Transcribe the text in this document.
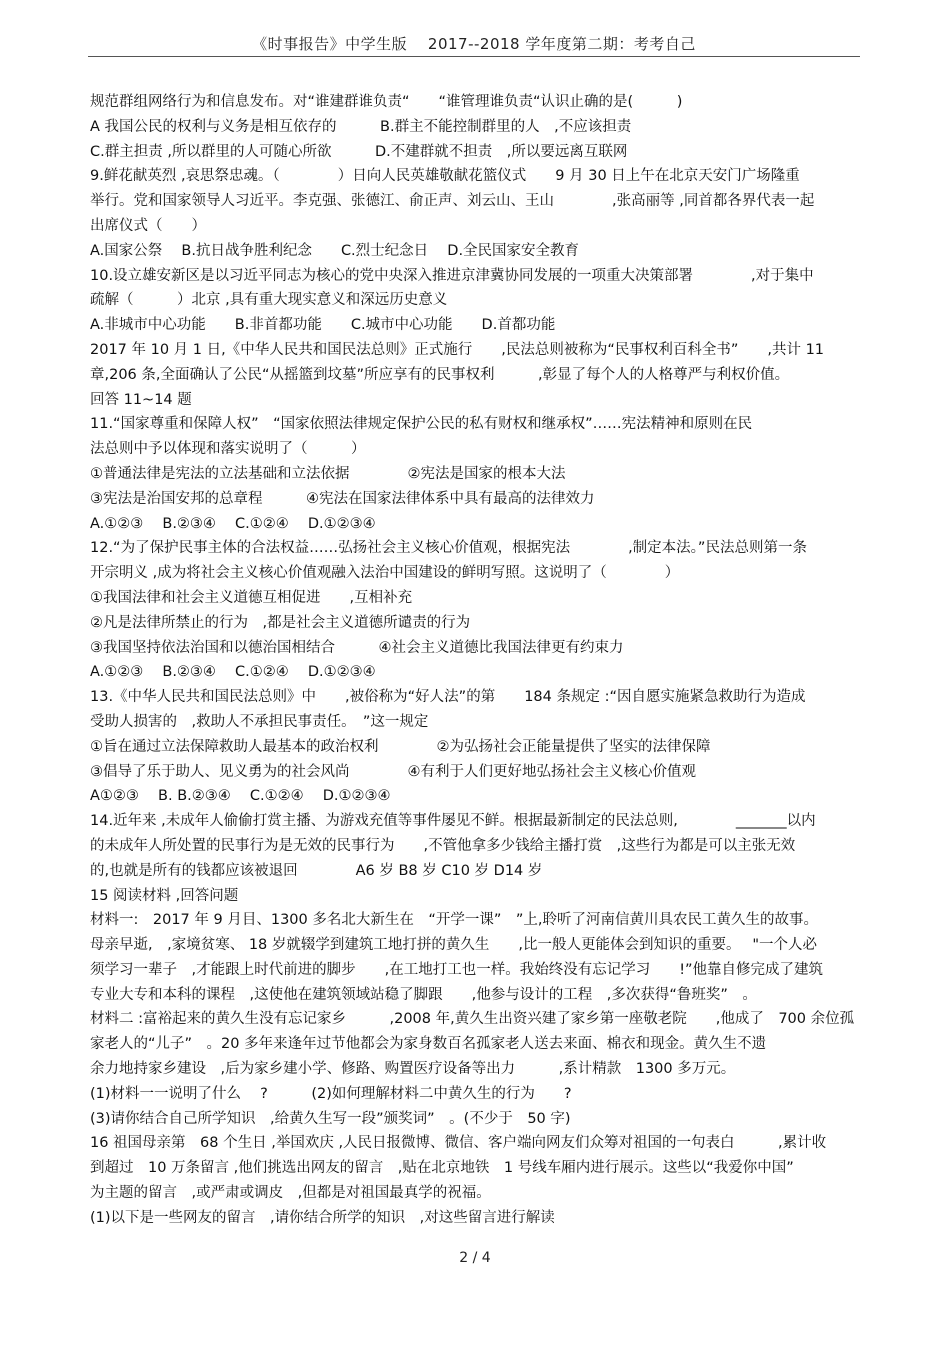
《时事报告》中学生版　 2017--2018 学年度第二期：考考自己
规范群组网络行为和信息发布。对“谁建群谁负责“　　“谁管理谁负责“认识止确的是(　　　)
A 我国公民的权利与义务是相互依存的　　　B.群主不能控制群里的人　,不应该担责
C.群主担责 ,所以群里的人可随心所欲　　　D.不建群就不担责　,所以要远离互联网
9.鲜花献英烈 ,哀思祭忠魂。（　　　　）日向人民英雄敬献花篮仪式　　9 月 30 日上午在北京天安门广场隆重
举行。党和国家领导人习近平。李克强、张德江、俞正声、刘云山、王山　　　　,张高丽等 ,同首都各界代表一起
出席仪式（　　）
A.国家公祭　 B.抗日战争胜利纪念　　C.烈士纪念日　 D.全民国家安全教育
10.设立雄安新区是以习近平同志为核心的党中央深入推进京津冀协同发展的一项重大决策部署　　　　,对于集中
疏解（　　　）北京 ,具有重大现实意义和深远历史意义
A.非城市中心功能　　B.非首都功能　　C.城市中心功能　　D.首都功能
2017 年 10 月 1 日,《中华人民共和国民法总则》正式施行　　,民法总则被称为“民事权利百科全书”　　,共计 11
章,206 条,全面确认了公民“从摇篮到坟墓”所应享有的民事权利　　　,彰显了每个人的人格尊严与利权价值。
回答 11~14 题
11.“国家尊重和保障人权”　“国家依照法律规定保护公民的私有财权和继承权”……宪法精神和原则在民
法总则中予以体现和落实说明了（　　　）
①普通法律是宪法的立法基础和立法依据　　　　②宪法是国家的根本大法
③宪法是治国安邦的总章程　　　④宪法在国家法律体系中具有最高的法律效力
A.①②③　 B.②③④　 C.①②④　 D.①②③④
12.“为了保护民事主体的合法权益……弘扬社会主义核心价值观，根据宪法　　　　,制定本法。”民法总则第一条
开宗明义 ,成为将社会主义核心价值观融入法治中国建设的鲜明写照。这说明了（　　　　）
①我国法律和社会主义道德互相促进　　,互相补充
②凡是法律所禁止的行为　,都是社会主义道德所谴责的行为
③我国坚持依法治国和以德治国相结合　　　④社会主义道德比我国法律更有约束力
A.①②③　 B.②③④　 C.①②④　 D.①②③④
13.《中华人民共和国民法总则》中　　,被俗称为“好人法”的第　　184 条规定 :“因自愿实施紧急救助行为造成
受助人损害的　,救助人不承担民事责任。　”这一规定
①旨在通过立法保障救助人最基本的政治权利　　　　②为弘扬社会正能量提供了坚实的法律保障
③倡导了乐于助人、见义勇为的社会风尚　　　　④有利于人们更好地弘扬社会主义核心价值观
A①②③　 B. B.②③④　 C.①②④　 D.①②③④
14.近年来 ,未成年人偷偷打赏主播、为游戏充值等事件屡见不鲜。根据最新制定的民法总则,　　　　_______以内
的未成年人所处置的民事行为是无效的民事行为　　,不管他拿多少钱给主播打赏　,这些行为都是可以主张无效
的,也就是所有的钱都应该被退回　　　　A6 岁 B8 岁 C10 岁 D14 岁
15 阅读材料 ,回答问题
材料一:　2017 年 9 月目、1300 多名北大新生在　“开学一课”　”上,聆听了河南信黄川具农民工黄久生的故事。
母亲早逝,　,家境贫寒、 18 岁就辍学到建筑工地打拼的黄久生　　,比一般人更能体会到知识的重要。　 "一个人必
须学习一辈子　,才能跟上时代前进的脚步　　,在工地打工也一样。我始终没有忘记学习　　!”他靠自修完成了建筑
专业大专和本科的课程　,这使他在建筑领域站稳了脚跟　　,他参与设计的工程　,多次获得“鲁班奖”　。
材料二 :富裕起来的黄久生没有忘记家乡　　　,2008 年,黄久生出资兴建了家乡第一座敬老院　　,他成了　700 余位孤
家老人的“儿子”　。20 多年来逢年过节他都会为家身数百名孤家老人送去来面、棉衣和现金。黄久生不遗
余力地持家乡建设　,后为家乡建小学、修路、购置医疗设备等出力　　　,系计精款　1300 多万元。
(1)材料一一说明了什么　 ?　　　(2)如何理解材料二中黄久生的行为　　?
(3)请你结合自己所学知识　,给黄久生写一段”颁奖词”　。(不少于　50 字)
16 祖国母亲第　68 个生日 ,举国欢庆 ,人民日报微博、微信、客户端向网友们众筹对祖国的一句表白　　　,累计收
到超过　10 万条留言 ,他们挑选出网友的留言　,贴在北京地铁　1 号线车厢内进行展示。这些以“我爱你中国”
为主题的留言　,或严肃或调皮　,但都是对祖国最真学的祝福。
(1)以下是一些网友的留言　,请你结合所学的知识　,对这些留言进行解读
2 / 4
